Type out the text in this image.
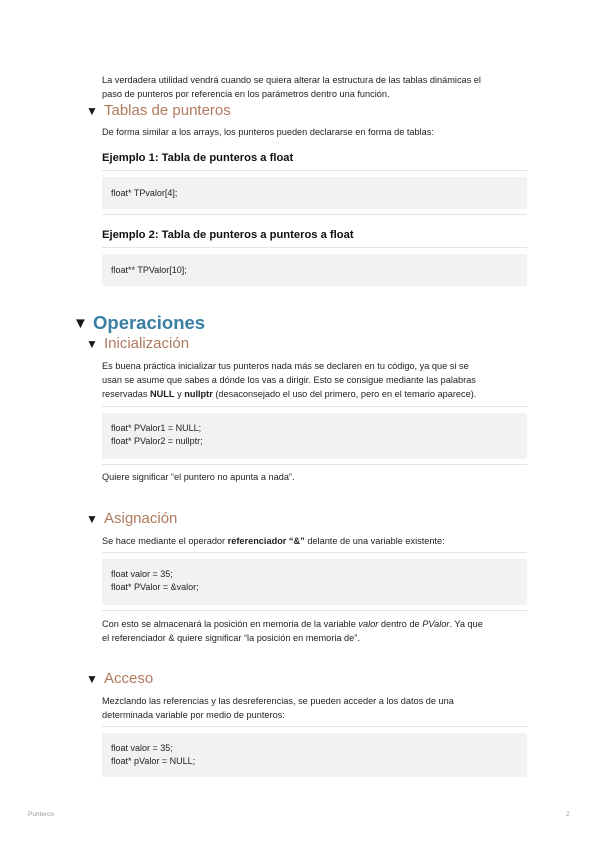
La verdadera utilidad vendrá cuando se quiera alterar la estructura de las tablas dinámicas el

paso de punteros por referencia en los parámetros dentro una función.

▼ Tablas de punteros

De forma similar a los arrays, los punteros pueden declararse en forma de tablas:

Ejemplo 1: Tabla de punteros a float
float* TPvalor[4];
Ejemplo 2: Tabla de punteros a punteros a float
float** TPValor[10];
▼ Operaciones
▼ Inicialización

Es buena práctica inicializar tus punteros nada más se declaren en tu código, ya que si se

usan se asume que sabes a dónde los vas a dirigir. Esto se consigue mediante las palabras

reservadas NULL y nullptr (desaconsejado el uso del primero, pero en el temario aparece).

float* PValor1 = NULL;
float* PValor2 = nullptr;

Quiere significar “el puntero no apunta a nada”.

▼ Asignación

Se hace mediante el operador referenciador “&” delante de una variable existente:

float valor = 35;
float* PValor = &valor;

Con esto se almacenará la posición en memoria de la variable valor dentro de PValor. Ya que

el referenciador & quiere significar “la posición en memoria de”.

▼ Acceso

Mezclando las referencias y las desreferencias, se pueden acceder a los datos de una

determinada variable por medio de punteros:

float valor = 35;
float* pValor = NULL;
Punteros	2
